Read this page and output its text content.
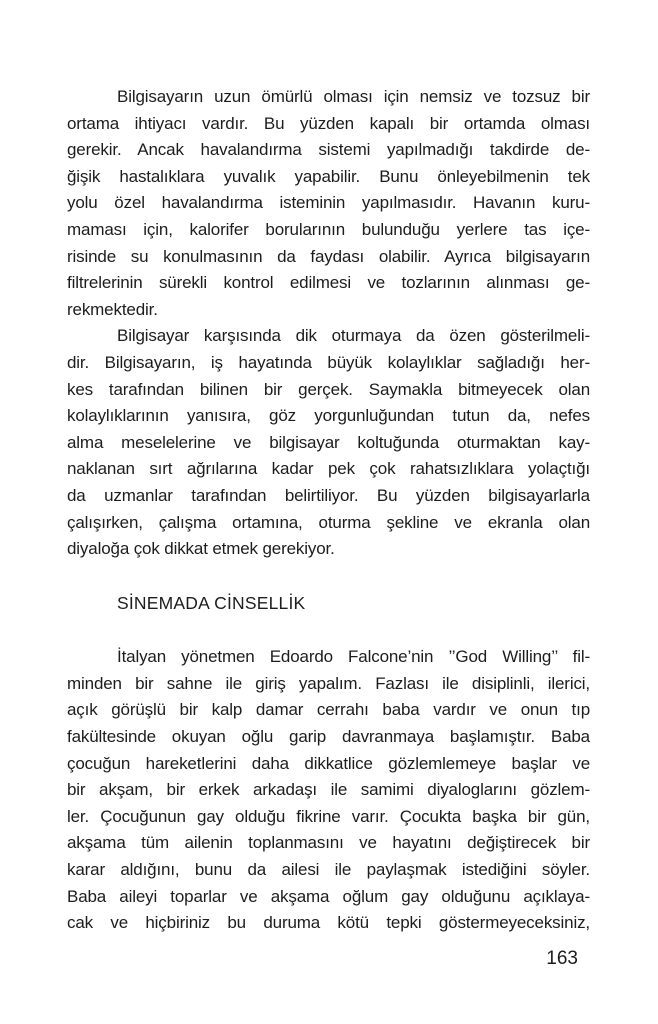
Bilgisayarın uzun ömürlü olması için nemsiz ve tozsuz bir
ortama ihtiyacı vardır. Bu yüzden kapalı bir ortamda olması
gerekir. Ancak havalandırma sistemi yapılmadığı takdirde de-
ğişik hastalıklara yuvalık yapabilir. Bunu önleyebilmenin tek
yolu özel havalandırma isteminin yapılmasıdır. Havanın kuru-
maması için, kalorifer borularının bulunduğu yerlere tas içe-
risinde su konulmasının da faydası olabilir. Ayrıca bilgisayarın
filtrelerinin sürekli kontrol edilmesi ve tozlarının alınması ge-
rekmektedir.
Bilgisayar karşısında dik oturmaya da özen gösterilmeli-
dir. Bilgisayarın, iş hayatında büyük kolaylıklar sağladığı her-
kes tarafından bilinen bir gerçek. Saymakla bitmeyecek olan
kolaylıklarının yanısıra, göz yorgunluğundan tutun da, nefes
alma meselelerine ve bilgisayar koltuğunda oturmaktan kay-
naklanan sırt ağrılarına kadar pek çok rahatsızlıklara yolaçtığı
da uzmanlar tarafından belirtiliyor. Bu yüzden bilgisayarlarla
çalışırken, çalışma ortamına, oturma şekline ve ekranla olan
diyaloğa çok dikkat etmek gerekiyor.
SİNEMADA CİNSELLİK
İtalyan yönetmen Edoardo Falcone’nin ’’God Willing’’ fil-
minden bir sahne ile giriş yapalım. Fazlası ile disiplinli, ilerici,
açık görüşlü bir kalp damar cerrahı baba vardır ve onun tıp
fakültesinde okuyan oğlu garip davranmaya başlamıştır. Baba
çocuğun hareketlerini daha dikkatlice gözlemlemeye başlar ve
bir akşam, bir erkek arkadaşı ile samimi diyaloglarını gözlem-
ler. Çocuğunun gay olduğu fikrine varır. Çocukta başka bir gün,
akşama tüm ailenin toplanmasını ve hayatını değiştirecek bir
karar aldığını, bunu da ailesi ile paylaşmak istediğini söyler.
Baba aileyi toparlar ve akşama oğlum gay olduğunu açıklaya-
cak ve hiçbiriniz bu duruma kötü tepki göstermeyeceksiniz,
163
